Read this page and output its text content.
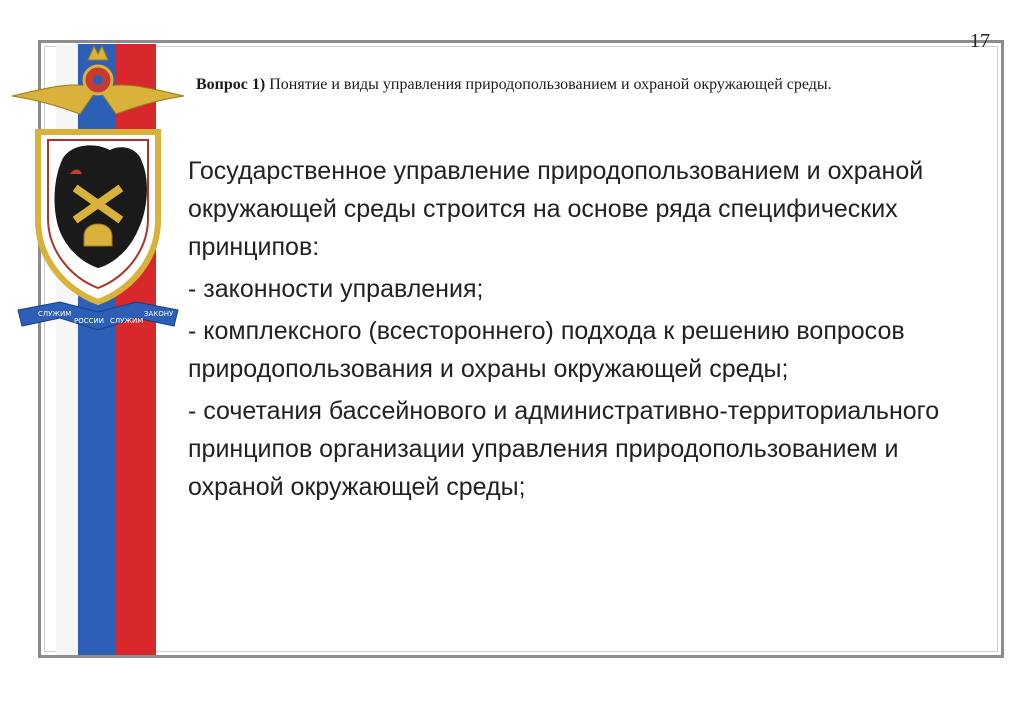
СЛУЖИМ
РОССИИ СЛУЖИМ
ЗАКОНУ
17
Вопрос 1) Понятие и виды управления природопользованием и охраной окружающей среды.

Государственное управление природопользованием и охраной окружающей среды строится на основе ряда специфических принципов:

- законности управления;

- комплексного (всестороннего) подхода к решению вопросов природопользования и охраны окружающей среды;

- сочетания бассейнового и административно-территориального принципов организации управления природопользованием и охраной окружающей среды;
